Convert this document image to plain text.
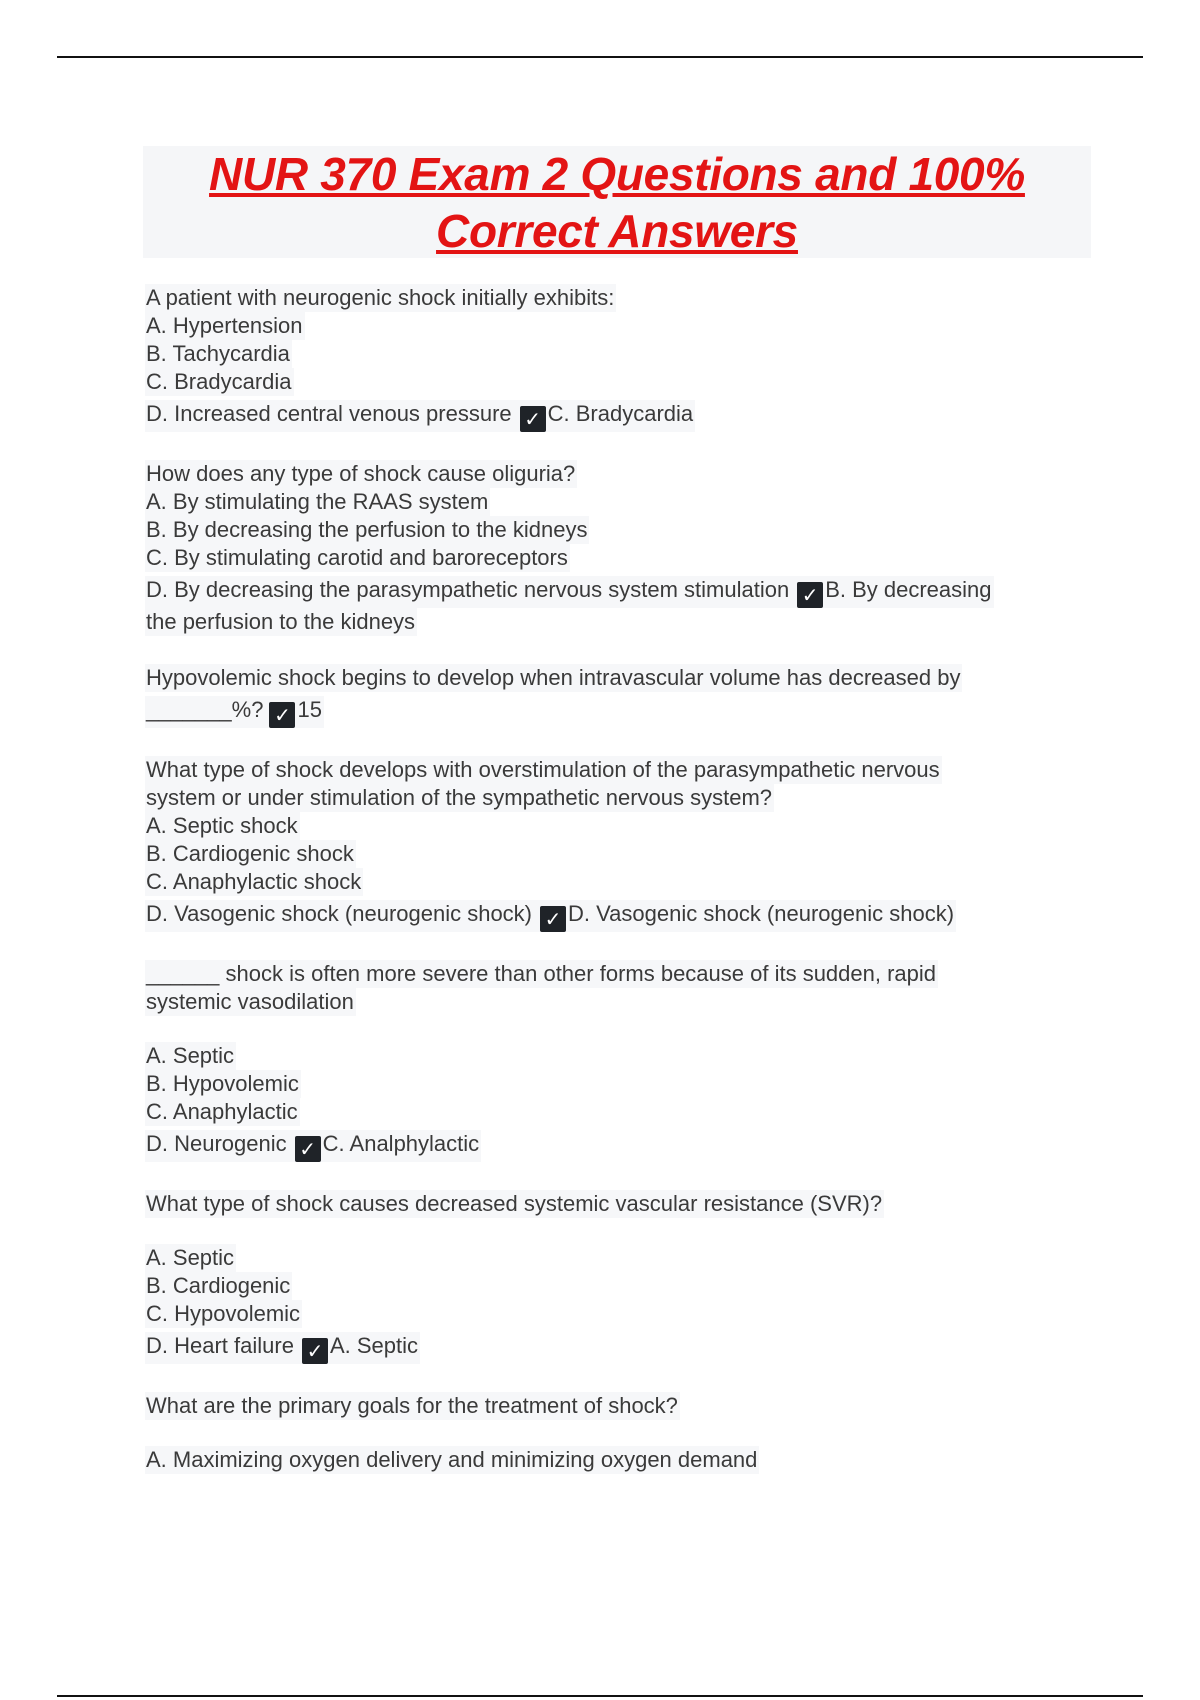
NUR 370 Exam 2 Questions and 100%
Correct Answers
A patient with neurogenic shock initially exhibits:
A. Hypertension
B. Tachycardia
C. Bradycardia
D. Increased central venous pressure ✓ C. Bradycardia
How does any type of shock cause oliguria?
A. By stimulating the RAAS system
B. By decreasing the perfusion to the kidneys
C. By stimulating carotid and baroreceptors
D. By decreasing the parasympathetic nervous system stimulation ✓ B. By decreasing
the perfusion to the kidneys
Hypovolemic shock begins to develop when intravascular volume has decreased by
_______%? ✓ 15
What type of shock develops with overstimulation of the parasympathetic nervous
system or under stimulation of the sympathetic nervous system?
A. Septic shock
B. Cardiogenic shock
C. Anaphylactic shock
D. Vasogenic shock (neurogenic shock) ✓ D. Vasogenic shock (neurogenic shock)
______ shock is often more severe than other forms because of its sudden, rapid
systemic vasodilation
A. Septic
B. Hypovolemic
C. Anaphylactic
D. Neurogenic ✓ C. Analphylactic
What type of shock causes decreased systemic vascular resistance (SVR)?
A. Septic
B. Cardiogenic
C. Hypovolemic
D. Heart failure ✓ A. Septic
What are the primary goals for the treatment of shock?
A. Maximizing oxygen delivery and minimizing oxygen demand
